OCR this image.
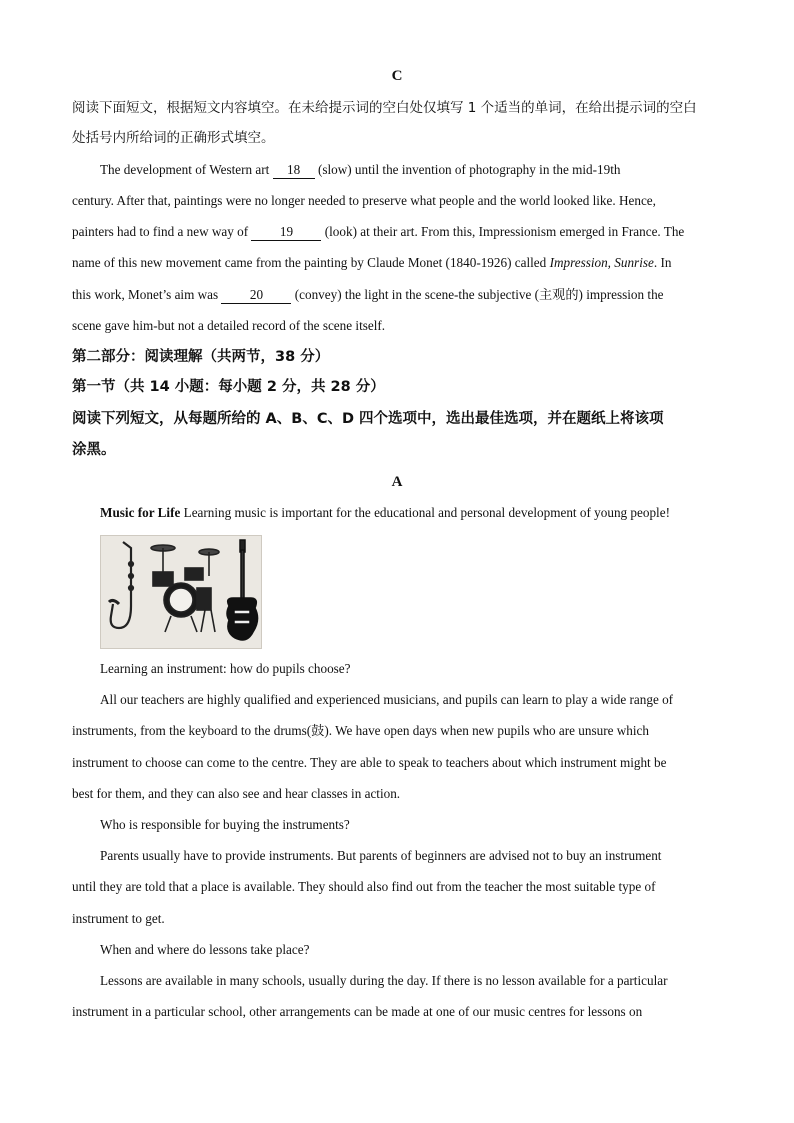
C
阅读下面短文，根据短文内容填空。在未给提示词的空白处仅填写 1 个适当的单词，在给出提示词的空白
处括号内所给词的正确形式填空。
The development of Western art 18 (slow) until the invention of photography in the mid-19th
century. After that, paintings were no longer needed to preserve what people and the world looked like. Hence,
painters had to find a new way of 19 (look) at their art. From this, Impressionism emerged in France. The
name of this new movement came from the painting by Claude Monet (1840-1926) called Impression, Sunrise. In
this work, Monet’s aim was 20 (convey) the light in the scene-the subjective (主观的) impression the
scene gave him-but not a detailed record of the scene itself.
第二部分：阅读理解（共两节，38 分）
第一节（共 14 小题：每小题 2 分，共 28 分）
阅读下列短文，从每题所给的 A、B、C、D 四个选项中，选出最佳选项，并在题纸上将该项
涂黑。
A
Music for Life Learning music is important for the educational and personal development of young people!
Learning an instrument: how do pupils choose?
All our teachers are highly qualified and experienced musicians, and pupils can learn to play a wide range of
instruments, from the keyboard to the drums(鼓). We have open days when new pupils who are unsure which
instrument to choose can come to the centre. They are able to speak to teachers about which instrument might be
best for them, and they can also see and hear classes in action.
Who is responsible for buying the instruments?
Parents usually have to provide instruments. But parents of beginners are advised not to buy an instrument
until they are told that a place is available. They should also find out from the teacher the most suitable type of
instrument to get.
When and where do lessons take place?
Lessons are available in many schools, usually during the day. If there is no lesson available for a particular
instrument in a particular school, other arrangements can be made at one of our music centres for lessons on
